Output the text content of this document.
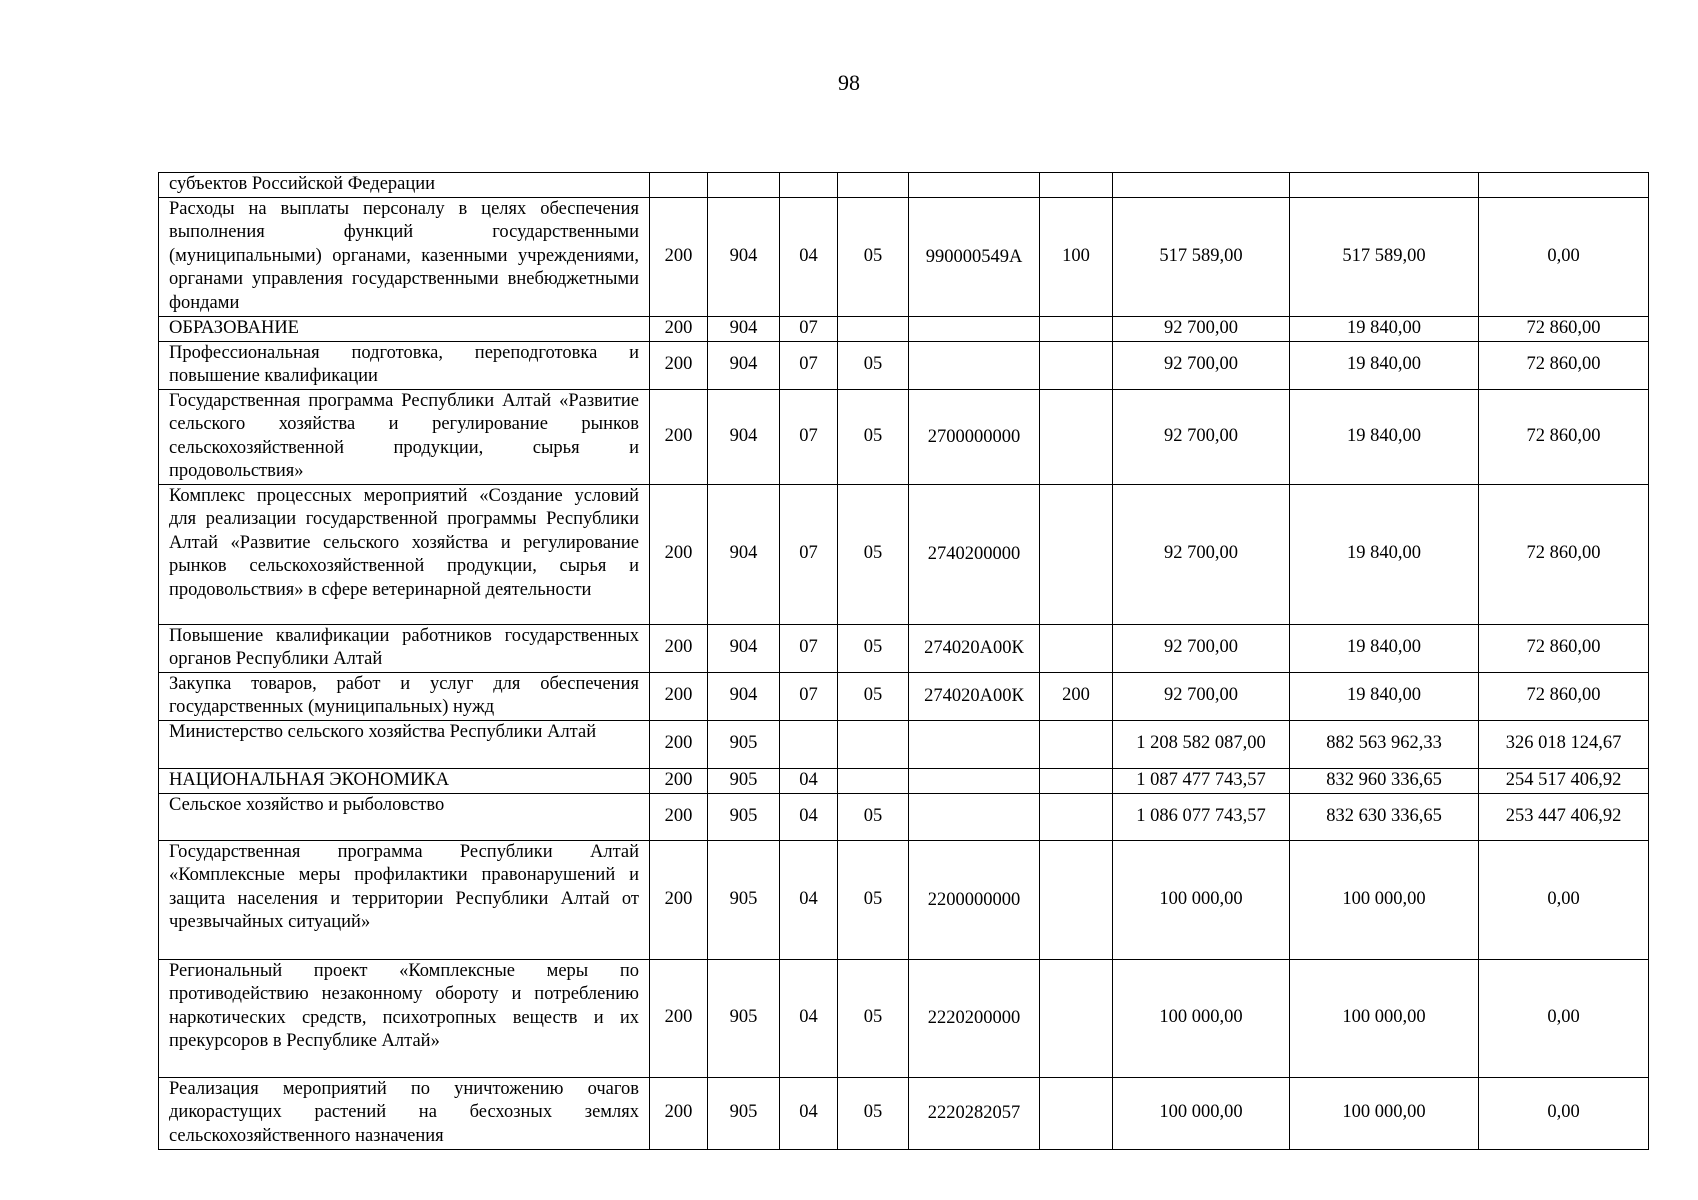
98
субъектов Российской Федерации									
Расходы на выплаты персоналу в целях обеспечения выполнения функций государственными (муниципальными) органами, казенными учреждениями, органами управления государственными внебюджетными фондами	200	904	04	05	990000549А	100	517 589,00	517 589,00	0,00
ОБРАЗОВАНИЕ	200	904	07				92 700,00	19 840,00	72 860,00
Профессиональная подготовка, переподготовка и повышение квалификации	200	904	07	05			92 700,00	19 840,00	72 860,00
Государственная программа Республики Алтай «Развитие сельского хозяйства и регулирование рынков сельскохозяйственной продукции, сырья и продовольствия»	200	904	07	05	2700000000		92 700,00	19 840,00	72 860,00
Комплекс процессных мероприятий «Создание условий для реализации государственной программы Республики Алтай «Развитие сельского хозяйства и регулирование рынков сельскохозяйственной продукции, сырья и продовольствия» в сфере ветеринарной деятельности	200	904	07	05	2740200000		92 700,00	19 840,00	72 860,00
Повышение квалификации работников государственных органов Республики Алтай	200	904	07	05	274020А00К		92 700,00	19 840,00	72 860,00
Закупка товаров, работ и услуг для обеспечения государственных (муниципальных) нужд	200	904	07	05	274020А00К	200	92 700,00	19 840,00	72 860,00
Министерство сельского хозяйства Республики Алтай	200	905					1 208 582 087,00	882 563 962,33	326 018 124,67
НАЦИОНАЛЬНАЯ ЭКОНОМИКА	200	905	04				1 087 477 743,57	832 960 336,65	254 517 406,92
Сельское хозяйство и рыболовство	200	905	04	05			1 086 077 743,57	832 630 336,65	253 447 406,92
Государственная программа Республики Алтай «Комплексные меры профилактики правонарушений и защита населения и территории Республики Алтай от чрезвычайных ситуаций»	200	905	04	05	2200000000		100 000,00	100 000,00	0,00
Региональный проект «Комплексные меры по противодействию незаконному обороту и потреблению наркотических средств, психотропных веществ и их прекурсоров в Республике Алтай»	200	905	04	05	2220200000		100 000,00	100 000,00	0,00
Реализация мероприятий по уничтожению очагов дикорастущих растений на бесхозных землях сельскохозяйственного назначения	200	905	04	05	2220282057		100 000,00	100 000,00	0,00
